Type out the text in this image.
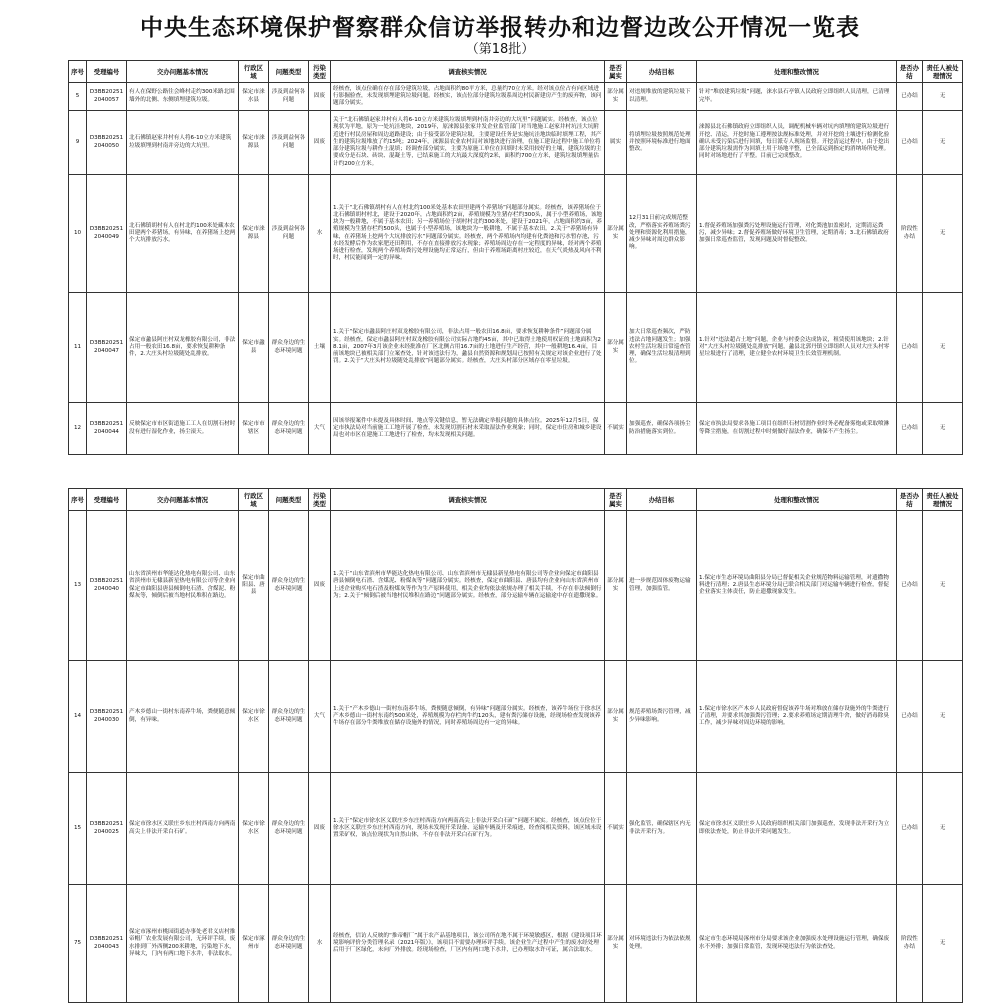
中央生态环境保护督察群众信访举报转办和边督边改公开情况一览表
（第18批）
序号	受理编号	交办问题基本情况	行政区域	问题类型	污染类型	调查核实情况	是否属实	办结目标	处理和整改情况	是否办结	责任人被处理情况
5	D3BB20251 2040057	有人在保野公路往会峰村走约300米路北围墙外的北侧、东侧填埋建筑垃圾。	保定市涞水县	涉及到益何各问题	固废	经核查，该点位确在存在部分建筑垃圾，占地面积约80平方米，总量约70立方米。经对该点位占有向区域进行影掘验查，未发现填埋建筑垃圾问题。经核实，该点位部分建筑垃圾系周边村民新建房产生的废弃物，该问题部分属实。	部分属实	对违规堆放的建筑垃圾下以清理。	针对“堆放建筑垃圾”问题，涞水县石亭镇人民政府立即组织人员清理，已清理完毕。	已办结	无
9	D3BB20251 2040050	北石佛镇赵家井村有人将6-10立方米建筑垃圾填埋到村南并旁边的大坑里。	保定市涞源县	涉及到益何各问题	固废	关于“北石佛镇赵家井村有人将6-10立方米建筑垃圾填埋到村南井旁边的大坑里”问题属实。经核查，该点位现状为平地，原为一处坑洼地块，2019年，原涞源县张家井发企业监管部门对当地施工赵家井村坑洼大坑附近进行村民房屋和周边道路建设；由于接受部分建筑垃圾，主要建设任务是实施坑洼地块临时填埋工程，其产生的建筑垃圾堆放了约15吨；2024年，涞源县农业农村局对该地块进行治理，在施工建设过程中施工单位将部分建筑垃圾与耕作土混填；经调查部分属实，主要为原施工单位在回填时未采用较好的土壤，建筑垃圾的主要成分是石块、砖块、混凝土等，已结束施工的大坑最大深度约2米，面积约700立方米，建筑垃圾填埋量估计约200立方米。	属实	将填埋垃圾按照规范处理并按照环境标准进行地面整改。	涞源县北石佛镇政府立即组织人员，调配机械车辆对坑内填埋的建筑垃圾进行开挖、清运，开挖时施工遵理按法规标准处理，并对开挖的土壤进行检测化验确认未受污染后进行回填，每日派专人现场监督。开挖清运过程中，由于挖出部分建筑垃圾需作为回填土用于场地平整，已全部运到指定的消纳场所处理。同时对场地进行了平整。目前已完成整改。	已办结	无
10	D3BB20251 2040049	北石佛镇胡村有人在村北约100米处藏本农田建两个养猪场，有异味，在养猪场上挖两个大坑排放污水。	保定市涞源县	涉及到益何各问题	水	1.关于“北石佛镇胡村有人在村北约100米处基本农田里建两个养猪场”问题部分属实。经核查，该养猪场位于北石佛镇胡村村北，建设于2020年，占地面积约2亩，养殖规模为生猪存栏约300头，属于小型养殖场，该地块为一般耕地，不属于基本农田；另一养殖场位于胡村村北约300米处，建设于2021年，占地面积约3亩，养殖规模为生猪存栏约500头，也属于小型养殖场，该地块为一般耕地，不属于基本农田。2.关于“养猪场有异味，在养猪场上挖两个大坑排放污水”问题部分属实。经核查，两个养殖场内均建有化粪池和污水暂存池，污水经发酵后作为农家肥还田利用，不存在直接排放污水现象；养殖场周边存在一定程度的异味，经对两个养殖场进行检查，发现两个养殖场粪污处理设施均正常运行，但由于养殖场距离村庄较近，在天气炎热及风向不利时，村民能闻到一定的异味。	部分属实	12月31日前完成规范整改，严格落实养殖场粪污处理和资源化利用措施，减少异味对周边群众影响。	1.督促养殖场加强粪污处理设施运行管理，对化粪池加盖密封，定期清运粪污，减少异味；2.督促养殖场做好环境卫生管理，定期消毒；3.北石佛镇政府加强日常巡查监管，发现问题及时督促整改。	阶段性办结	无
11	D3BB20251 2040047	保定市蠡县阿庄村双龙橡胶有限公司，非法占用一般农田16.8亩，要求恢复耕种条件，2.大庄头村垃圾随处乱排放。	保定市蠡县	群众身边的生态环境问题	土壤	1.关于“保定市蠡县阿庄村双龙橡胶有限公司，非法占用一般农田16.8亩，要求恢复耕种条件”问题部分属实。经核查，保定市蠡县阿庄村双龙橡胶有限公司实际占地约45亩，其中已取得土地使用权证的土地面积为28.1亩，2007年3月该企业未经批准在厂区北侧占用16.7亩的土地进行生产经营，其中一般耕地16.4亩，目前该地块已被相关部门立案查处，针对该违法行为，蠡县自然资源和规划局已按照有关规定对该企业进行了处罚。2.关于“大庄头村垃圾随处乱排放”问题部分属实。经核查，大庄头村部分区域存在零星垃圾。	部分属实	加大日常巡查频次，严防违法占地问题发生；加强农村生活垃圾日常巡查管理，确保生活垃圾清理到位。	1.针对“违法超占土地”问题，企业与村委会达成协议，租赁使用该地块；2.针对“大庄头村垃圾随处乱排放”问题，蠡县北郭丹镇立即组织人员对大庄头村零星垃圾进行了清理，建立健全农村环境卫生长效管理机制。	已办结	无
12	D3BB20251 2040044	反映保定市市区街道施工工人在切割石材时没有进行湿化作业，扬尘滚天。	保定市市辖区	群众身边的生态环境问题	大气	因该举报案件中未提及具体时间、地点等关键信息，暂无法确定举报问题的具体点位。2025年12月5日，保定市执法局对当前施工工地开展了检查，未发现切割石材未采取湿法作业现象；同时，保定市住房和城乡建设局也对市区在建施工工地进行了检查，均未发现相关问题。	不属实	加强巡查，确保各项扬尘防治措施落实到位。	保定市执法局要求各施工项目在组织石材切割作业时务必配备雾炮或采取喷淋等降尘措施，在切割过程中时刻做好湿法作业，确保不产生扬尘。	已办结	无
序号	受理编号	交办问题基本情况	行政区域	问题类型	污染类型	调查核实情况	是否属实	办结目标	处理和整改情况	是否办结	责任人被处理情况
13	D3BB20251 2040040	山东省滨州市华能达化热电有限公司、山东省滨州市无棣县新星热电有限公司等企业向保定市曲阳县唐县倾倒电石渣、含煤泥、粉煤灰等，倾倒后被当地村民堆积在路边。	保定市曲阳县、唐县	群众身边的生态环境问题	固废	1.关于“山东省滨州市华能达化热电有限公司、山东省滨州市无棣县新星热电有限公司等企业向保定市曲阳县唐县倾倒电石渣、含煤泥、粉煤灰等”问题部分属实。经核查，保定市曲阳县、唐县均有企业向山东省滨州市上述企业购买电石渣及粉煤灰等作为生产原料使用，相关企业均依法依规办理了相关手续，不存在非法倾倒行为；2.关于“倾倒后被当地村民堆积在路边”问题部分属实。经核查，部分运输车辆在运输途中存在遗撒现象。	部分属实	进一步规范固体废物运输管理，加强监管。	1.保定市生态环境局曲阳县分局已督促相关企业规范物料运输管理，对遗撒物料进行清理；2.唐县生态环境分局已联合相关部门对运输车辆进行检查，督促企业落实主体责任，防止遗撒现象发生。	已办结	无
14	D3BB20251 2040030	产木乡德山一街村东南养牛场，粪便随意倾倒，有异味。	保定市徐水区	群众身边的生态环境问题	大气	1.关于“产木乡德山一街村东南养牛场，粪便随意倾倒，有异味”问题部分属实。经核查，该养牛场位于徐水区产木乡德山一街村东南约500米处，养殖规模为存栏肉牛约120头，建有粪污储存设施，经现场检查发现该养牛场存在部分牛粪堆放在储存设施外的情况，同时养殖场周边有一定的异味。	部分属实	规范养殖场粪污管理，减少异味影响。	1.保定市徐水区产木乡人民政府督促该养牛场对堆放在储存设施外的牛粪进行了清理，并要求其加强粪污管理；2.要求养殖场定期清理牛舍，做好消毒除臭工作，减少异味对周边环境的影响。	已办结	无
15	D3BB20251 2040025	保定市徐水区义联庄乡东庄村西南方向两南高尖上非法开采白石矿。	保定市徐水区	群众身边的生态环境问题	固废	1.关于“保定市徐水区义联庄乡东庄村西南方向两南高尖上非法开采白石矿”问题不属实。经核查，该点位位于徐水区义联庄乡东庄村西南方向，现场未发现开采设备、运输车辆及开采痕迹，经查阅相关资料，该区域未设置采矿权，该点位现状为自然山体，不存在非法开采白石矿行为。	不属实	强化监管，确保辖区内无非法开采行为。	保定市徐水区义联庄乡人民政府组织相关部门加强巡查，发现非法开采行为立即依法查处，防止非法开采问题发生。	已办结	无
75	D3BB20251 2040043	保定市涿州市桃园街道办事处老君义店村推帝帽厂农业发展有限公司，无环评手续，废水排到厂外西侧200米耕地，污染地下水，异味大，门内有两口地下水井，非法取水。	保定市涿州市	群众身边的生态环境问题	水	经核查，信访人反映的“推帝帽厂”属于农产品基地项目，该公司所在地不属于环境敏感区，根据《建设项目环境影响评价分类管理名录（2021年版）》，该项目不需要办理环评手续。该企业生产过程中产生的废水经处理后用于厂区绿化，未向厂外排放。经现场检查，厂区内有两口地下水井，已办理取水许可证，属合法取水。	部分属实	对环境违法行为依法依规处理。	保定市生态环境局涿州市分局要求该企业加强废水处理设施运行管理，确保废水不外排；加强日常监管，发现环境违法行为依法查处。	阶段性办结	无
